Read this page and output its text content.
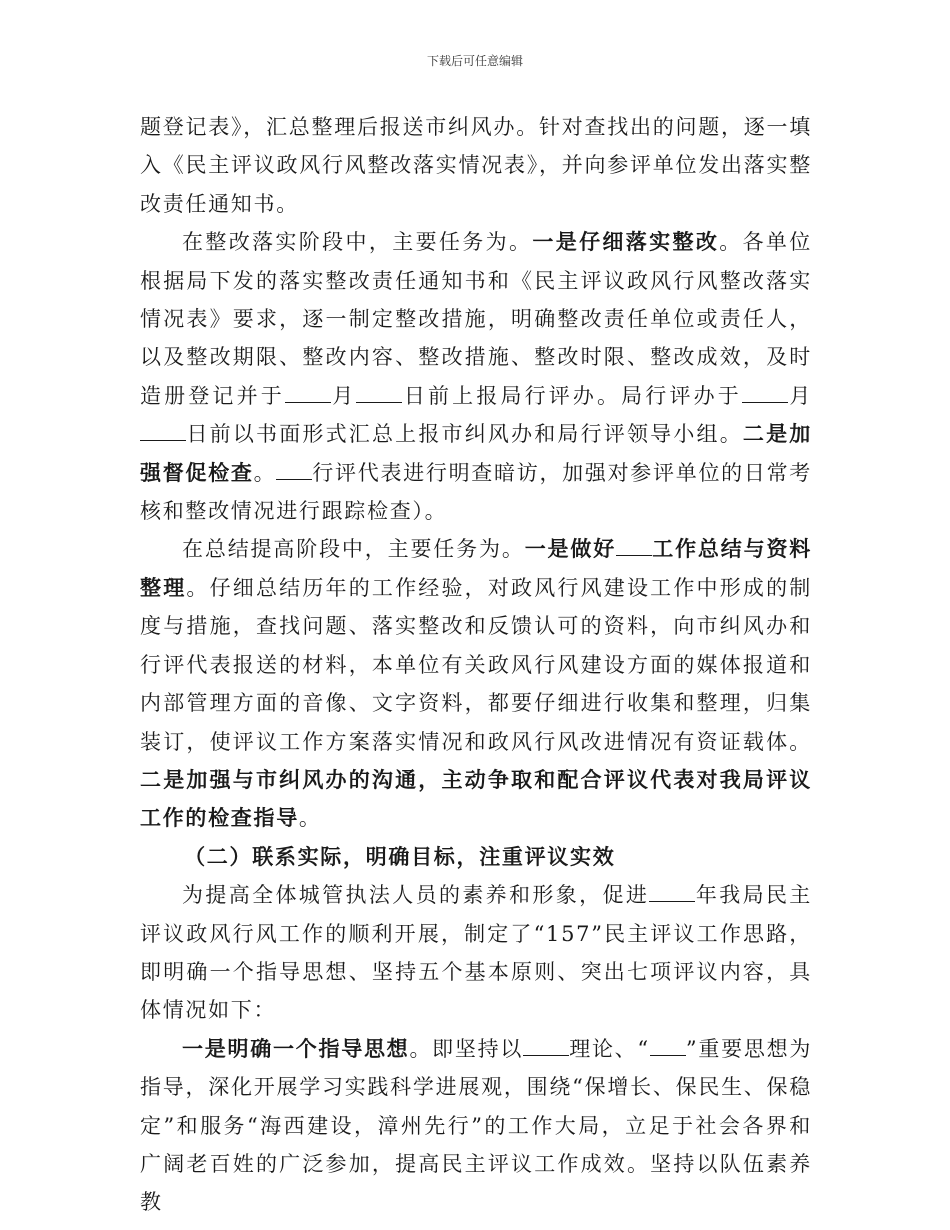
下载后可任意编辑

题登记表》，汇总整理后报送市纠风办。针对查找出的问题，逐一填入《民主评议政风行风整改落实情况表》，并向参评单位发出落实整改责任通知书。

在整改落实阶段中，主要任务为。一是仔细落实整改。各单位根据局下发的落实整改责任通知书和《民主评议政风行风整改落实情况表》要求，逐一制定整改措施，明确整改责任单位或责任人，以及整改期限、整改内容、整改措施、整改时限、整改成效，及时造册登记并于 月 日前上报局行评办。局行评办于 月日前以书面形式汇总上报市纠风办和局行评领导小组。二是加强督促检查。 行评代表进行明查暗访，加强对参评单位的日常考核和整改情况进行跟踪检查）。

在总结提高阶段中，主要任务为。一是做好 工作总结与资料整理。仔细总结历年的工作经验，对政风行风建设工作中形成的制度与措施，查找问题、落实整改和反馈认可的资料，向市纠风办和行评代表报送的材料，本单位有关政风行风建设方面的媒体报道和内部管理方面的音像、文字资料，都要仔细进行收集和整理，归集装订，使评议工作方案落实情况和政风行风改进情况有资证载体。二是加强与市纠风办的沟通，主动争取和配合评议代表对我局评议工作的检查指导。

（二）联系实际，明确目标，注重评议实效

为提高全体城管执法人员的素养和形象，促进 年我局民主评议政风行风工作的顺利开展，制定了“157”民主评议工作思路，即明确一个指导思想、坚持五个基本原则、突出七项评议内容，具体情况如下：

一是明确一个指导思想。即坚持以 理论、“ ”重要思想为指导，深化开展学习实践科学进展观，围绕“保增长、保民生、保稳定”和服务“海西建设，漳州先行”的工作大局，立足于社会各界和广阔老百姓的广泛参加，提高民主评议工作成效。坚持以队伍素养教
